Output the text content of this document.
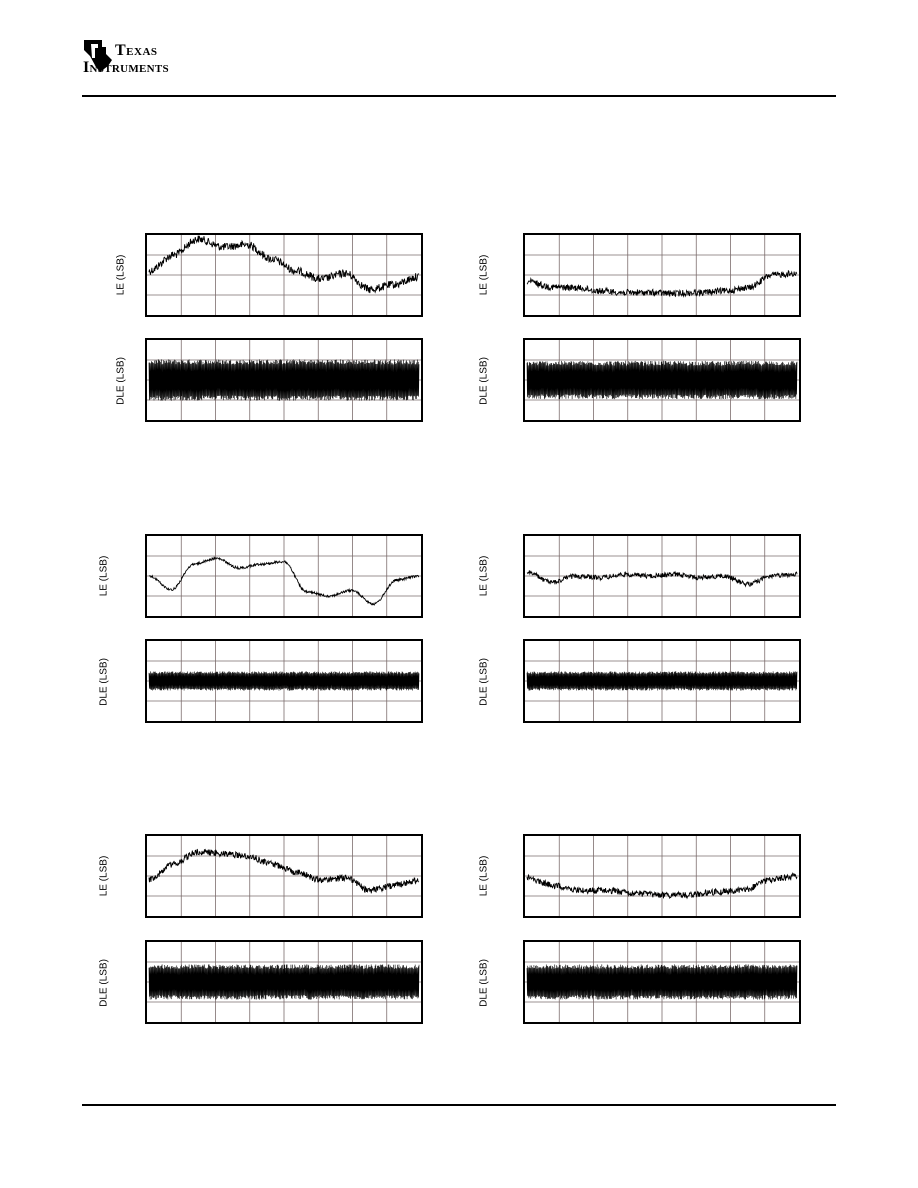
Texas
Instruments
LE (LSB)
DLE (LSB)
LE (LSB)
DLE (LSB)
LE (LSB)
DLE (LSB)
LE (LSB)
DLE (LSB)
LE (LSB)
DLE (LSB)
LE (LSB)
DLE (LSB)
